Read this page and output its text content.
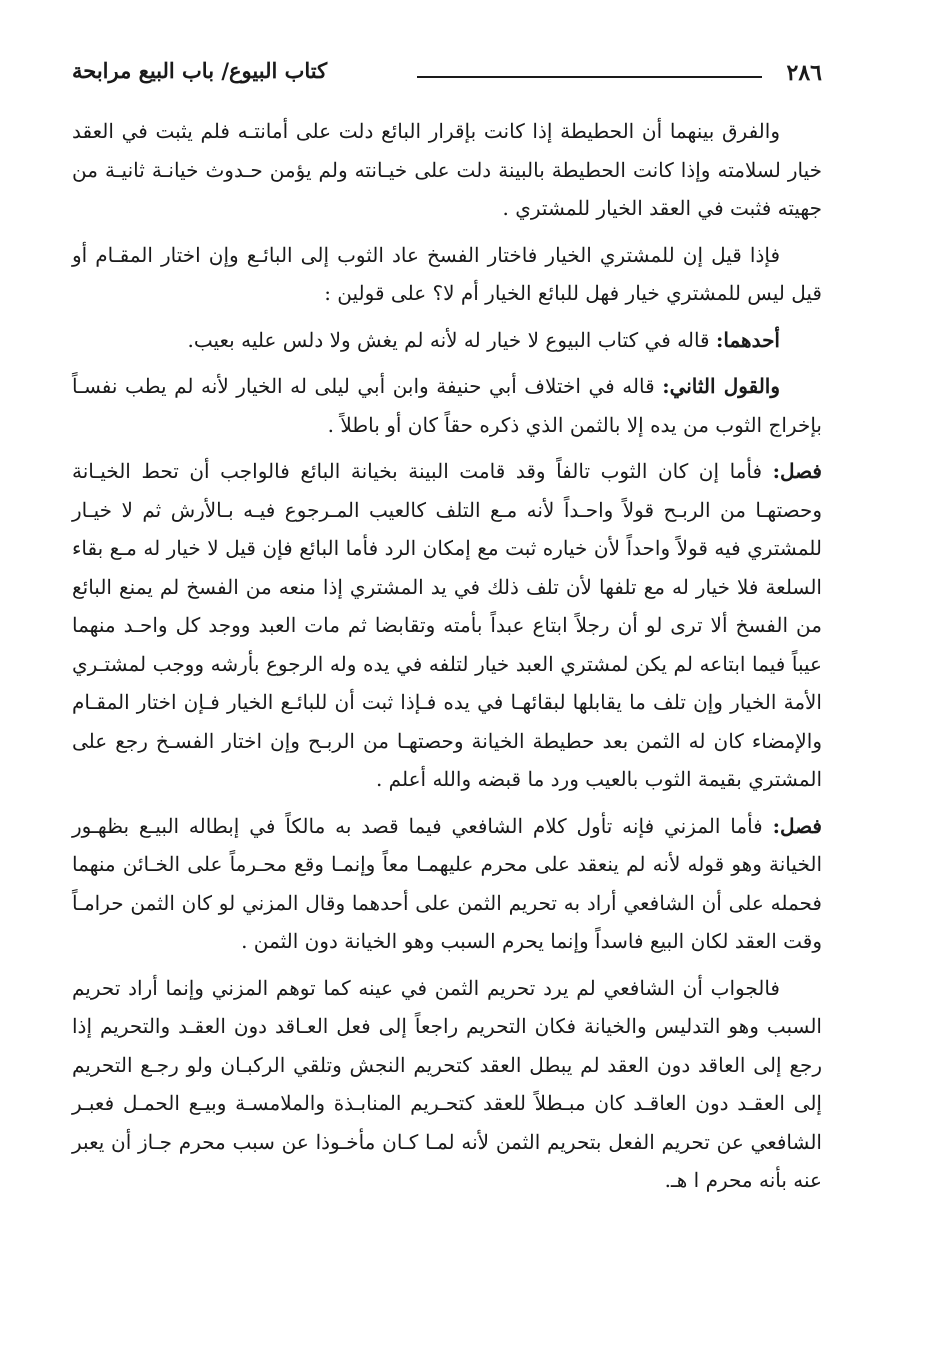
٢٨٦
كتاب البيوع/ باب البيع مرابحة

والفرق بينهما أن الحطيطة إذا كانت بإقرار البائع دلت على أمانتـه فلم يثبت في العقد خيار لسلامته وإذا كانت الحطيطة بالبينة دلت على خيـانته ولم يؤمن حـدوث خيانـة ثانيـة من جهيته فثبت في العقد الخيار للمشتري .

فإذا قيل إن للمشتري الخيار فاختار الفسخ عاد الثوب إلى البائـع وإن اختار المقـام أو قيل ليس للمشتري خيار فهل للبائع الخيار أم لا؟ على قولين :

أحدهما: قاله في كتاب البيوع لا خيار له لأنه لم يغش ولا دلس عليه بعيب.

والقول الثاني: قاله في اختلاف أبي حنيفة وابن أبي ليلى له الخيار لأنه لم يطب نفسـاً بإخراج الثوب من يده إلا بالثمن الذي ذكره حقاً كان أو باطلاً .

فصل: فأما إن كان الثوب تالفاً وقد قامت البينة بخيانة البائع فالواجب أن تحط الخيـانة وحصتهـا من الربـح قولاً واحـداً لأنه مـع التلف كالعيب المـرجوع فيـه بـالأرش ثم لا خيـار للمشتري فيه قولاً واحداً لأن خياره ثبت مع إمكان الرد فأما البائع فإن قيل لا خيار له مـع بقاء السلعة فلا خيار له مع تلفها لأن تلف ذلك في يد المشتري إذا منعه من الفسخ لم يمنع البائع من الفسخ ألا ترى لو أن رجلاً ابتاع عبداً بأمته وتقابضا ثم مات العبد ووجد كل واحـد منهما عيباً فيما ابتاعه لم يكن لمشتري العبد خيار لتلفه في يده وله الرجوع بأرشه ووجب لمشتـري الأمة الخيار وإن تلف ما يقابلها لبقائهـا في يده فـإذا ثبت أن للبائـع الخيار فـإن اختار المقـام والإمضاء كان له الثمن بعد حطيطة الخيانة وحصتهـا من الربـح وإن اختار الفسـخ رجع على المشتري بقيمة الثوب بالعيب ورد ما قبضه والله أعلم .

فصل: فأما المزني فإنه تأول كلام الشافعي فيما قصد به مالكاً في إبطاله البيـع بظهـور الخيانة وهو قوله لأنه لم ينعقد على محرم عليهمـا معاً وإنمـا وقع محـرماً على الخـائن منهما فحمله على أن الشافعي أراد به تحريم الثمن على أحدهما وقال المزني لو كان الثمن حرامـاً وقت العقد لكان البيع فاسداً وإنما يحرم السبب وهو الخيانة دون الثمن .

فالجواب أن الشافعي لم يرد تحريم الثمن في عينه كما توهم المزني وإنما أراد تحريم السبب وهو التدليس والخيانة فكان التحريم راجعاً إلى فعل العـاقد دون العقـد والتحريم إذا رجع إلى العاقد دون العقد لم يبطل العقد كتحريم النجش وتلقي الركبـان ولو رجـع التحريم إلى العقـد دون العاقـد كان مبـطلاً للعقد كتحـريم المنابـذة والملامسـة وبيـع الحمـل فعبـر الشافعي عن تحريم الفعل بتحريم الثمن لأنه لمـا كـان مأخـوذا عن سبب محرم جـاز أن يعبر عنه بأنه محرم ا هـ.
